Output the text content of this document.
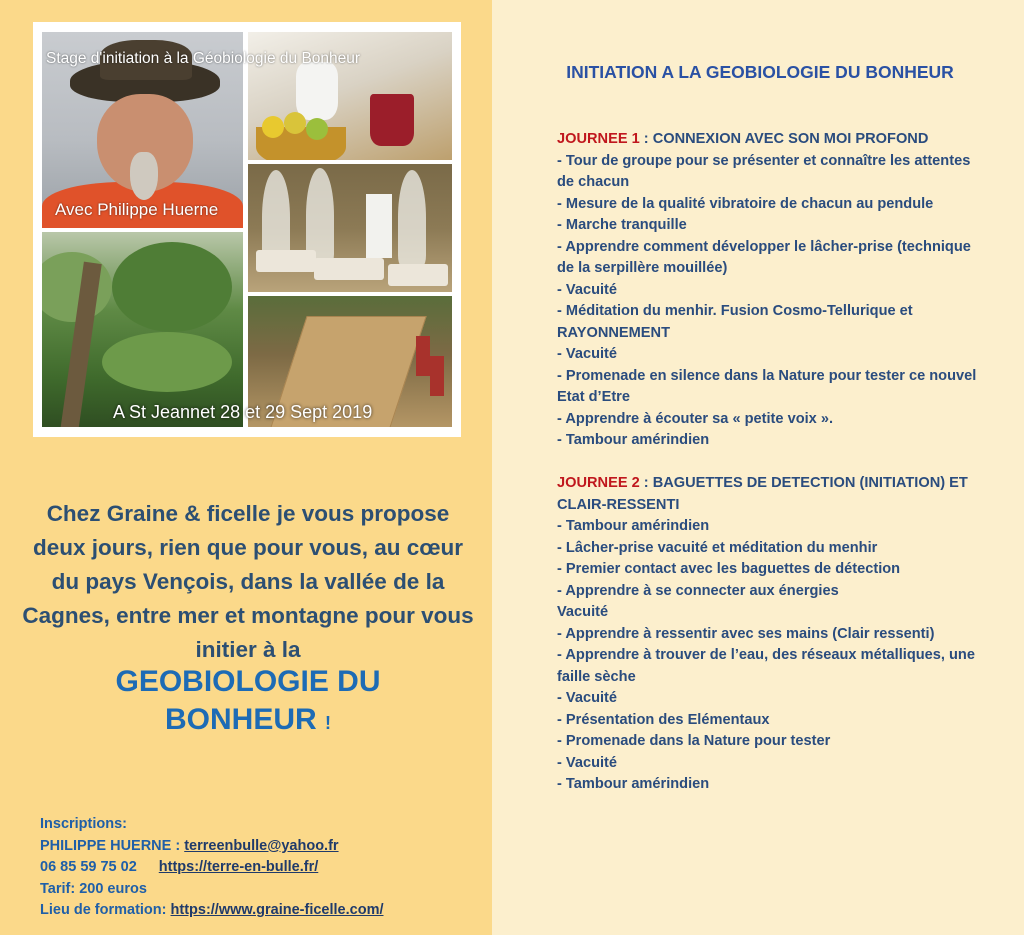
Stage d'initiation à la Géobiologie du Bonheur
Avec Philippe Huerne
A St Jeannet 28 et 29 Sept 2019

Chez Graine & ficelle je vous propose deux jours, rien que pour vous, au cœur du pays Vençois, dans la vallée de la Cagnes, entre mer et montagne pour vous initier à la

GEOBIOLOGIE DU
BONHEUR !
Inscriptions:
PHILIPPE HUERNE : terreenbulle@yahoo.fr
06 85 59 75 02 https://terre-en-bulle.fr/
Tarif: 200 euros
Lieu de formation: https://www.graine-ficelle.com/
INITIATION A LA GEOBIOLOGIE DU BONHEUR
JOURNEE 1 : CONNEXION AVEC SON MOI PROFOND
- Tour de groupe pour se présenter et connaître les attentes de chacun
- Mesure de la qualité vibratoire de chacun au pendule
- Marche tranquille
- Apprendre comment développer le lâcher-prise (technique de la serpillère mouillée)
- Vacuité
- Méditation du menhir. Fusion Cosmo-Tellurique et RAYONNEMENT
- Vacuité
- Promenade en silence dans la Nature pour tester ce nouvel Etat d’Etre
- Apprendre à écouter sa « petite voix ».
- Tambour amérindien
JOURNEE 2 : BAGUETTES DE DETECTION (INITIATION) ET CLAIR-RESSENTI
- Tambour amérindien
- Lâcher-prise vacuité et méditation du menhir
- Premier contact avec les baguettes de détection
- Apprendre à se connecter aux énergies
Vacuité
- Apprendre à ressentir avec ses mains (Clair ressenti)
- Apprendre à trouver de l’eau, des réseaux métalliques, une faille sèche
- Vacuité
- Présentation des Elémentaux
- Promenade dans la Nature pour tester
- Vacuité
- Tambour amérindien
